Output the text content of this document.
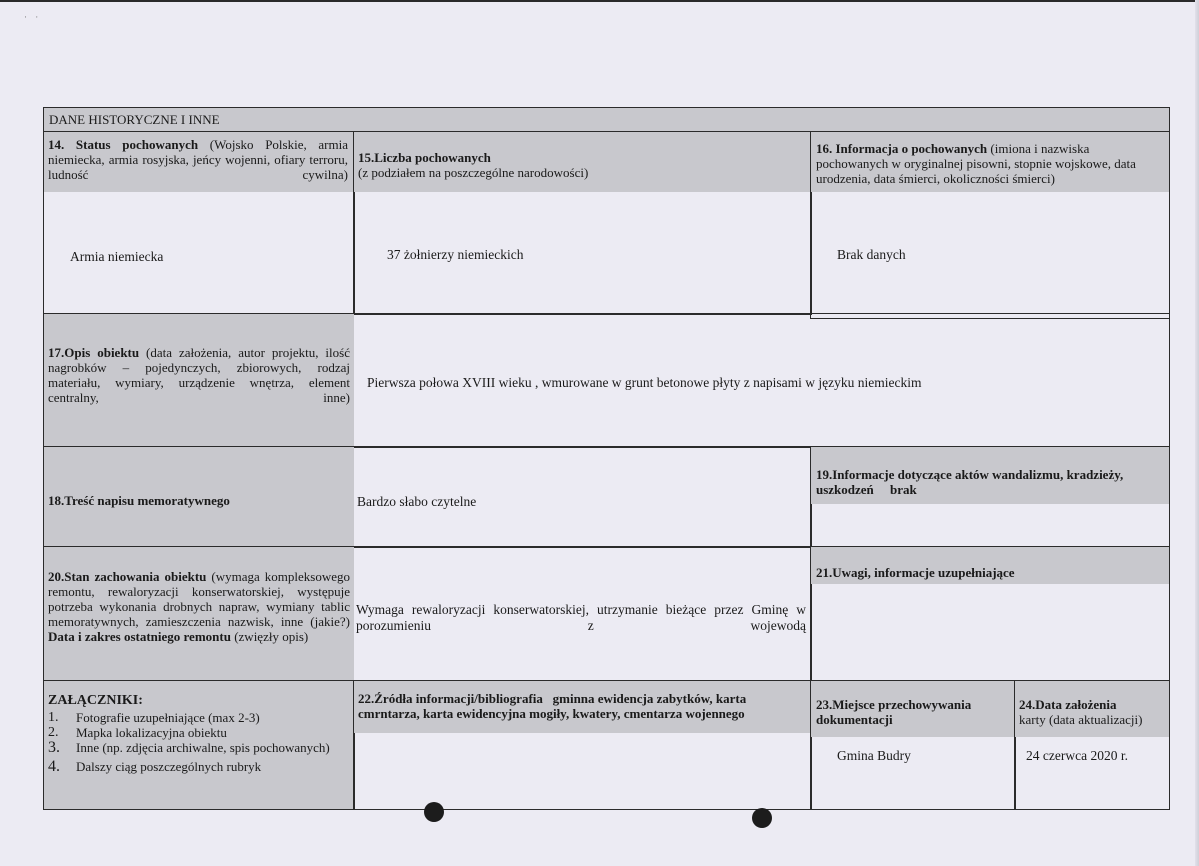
· ·
DANE HISTORYCZNE I INNE
14. Status pochowanych (Wojsko Polskie, armia niemiecka, armia rosyjska, jeńcy wojenni, ofiary terroru, ludność cywilna)
Armia niemiecka
15.Liczba pochowanych
(z podziałem na poszczególne narodowości)
37 żołnierzy niemieckich
16. Informacja o pochowanych (imiona i nazwiska pochowanych w oryginalnej pisowni, stopnie wojskowe, data urodzenia, data śmierci, okoliczności śmierci)
Brak danych
17.Opis obiektu (data założenia, autor projektu, ilość nagrobków – pojedynczych, zbiorowych, rodzaj materiału, wymiary, urządzenie wnętrza, element centralny, inne)
Pierwsza połowa XVIII wieku , wmurowane w grunt betonowe płyty z napisami w języku niemieckim
18.Treść napisu memoratywnego	Bardzo słabo czytelne
19.Informacje dotyczące aktów wandalizmu, kradzieży, uszkodzeń brak
20.Stan zachowania obiektu (wymaga kompleksowego remontu, rewaloryzacji konserwatorskiej, występuje potrzeba wykonania drobnych napraw, wymiany tablic memoratywnych, zamieszczenia nazwisk, inne (jakie?)
Data i zakres ostatniego remontu (zwięzły opis)
Wymaga rewaloryzacji konserwatorskiej, utrzymanie bieżące przez Gminę w porozumieniu z wojewodą
21.Uwagi, informacje uzupełniające
ZAŁĄCZNIKI:
1. Fotografie uzupełniające (max 2-3)
2. Mapka lokalizacyjna obiektu
3. Inne (np. zdjęcia archiwalne, spis pochowanych)
4. Dalszy ciąg poszczególnych rubryk
22.Źródła informacji/bibliografia gminna ewidencja zabytków, karta cmrntarza, karta ewidencyjna mogiły, kwatery, cmentarza wojennego
23.Miejsce przechowywania dokumentacji
Gmina Budry
24.Data założenia
karty (data aktualizacji)
24 czerwca 2020 r.
